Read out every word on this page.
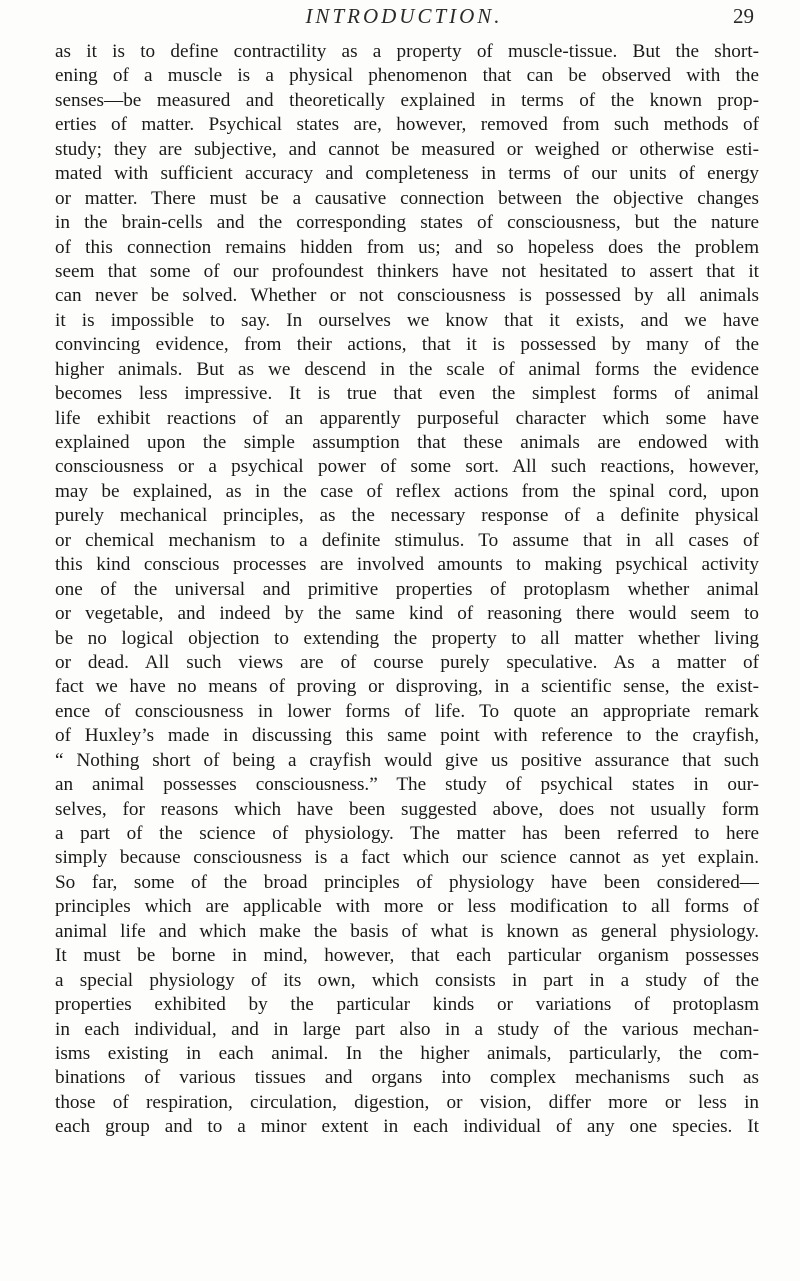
INTRODUCTION.	29
as it is to define contractility as a property of muscle-tissue. But the short-
ening of a muscle is a physical phenomenon that can be observed with the
senses—be measured and theoretically explained in terms of the known prop-
erties of matter. Psychical states are, however, removed from such methods of
study; they are subjective, and cannot be measured or weighed or otherwise esti-
mated with sufficient accuracy and completeness in terms of our units of energy
or matter. There must be a causative connection between the objective changes
in the brain-cells and the corresponding states of consciousness, but the nature
of this connection remains hidden from us; and so hopeless does the problem
seem that some of our profoundest thinkers have not hesitated to assert that it
can never be solved. Whether or not consciousness is possessed by all animals
it is impossible to say. In ourselves we know that it exists, and we have
convincing evidence, from their actions, that it is possessed by many of the
higher animals. But as we descend in the scale of animal forms the evidence
becomes less impressive. It is true that even the simplest forms of animal
life exhibit reactions of an apparently purposeful character which some have
explained upon the simple assumption that these animals are endowed with
consciousness or a psychical power of some sort. All such reactions, however,
may be explained, as in the case of reflex actions from the spinal cord, upon
purely mechanical principles, as the necessary response of a definite physical
or chemical mechanism to a definite stimulus. To assume that in all cases of
this kind conscious processes are involved amounts to making psychical activity
one of the universal and primitive properties of protoplasm whether animal
or vegetable, and indeed by the same kind of reasoning there would seem to
be no logical objection to extending the property to all matter whether living
or dead. All such views are of course purely speculative. As a matter of
fact we have no means of proving or disproving, in a scientific sense, the exist-
ence of consciousness in lower forms of life. To quote an appropriate remark
of Huxley’s made in discussing this same point with reference to the crayfish,
“ Nothing short of being a crayfish would give us positive assurance that such
an animal possesses consciousness.” The study of psychical states in our-
selves, for reasons which have been suggested above, does not usually form
a part of the science of physiology. The matter has been referred to here
simply because consciousness is a fact which our science cannot as yet explain.
So far, some of the broad principles of physiology have been considered—
principles which are applicable with more or less modification to all forms of
animal life and which make the basis of what is known as general physiology.
It must be borne in mind, however, that each particular organism possesses
a special physiology of its own, which consists in part in a study of the
properties exhibited by the particular kinds or variations of protoplasm
in each individual, and in large part also in a study of the various mechan-
isms existing in each animal. In the higher animals, particularly, the com-
binations of various tissues and organs into complex mechanisms such as
those of respiration, circulation, digestion, or vision, differ more or less in
each group and to a minor extent in each individual of any one species. It
